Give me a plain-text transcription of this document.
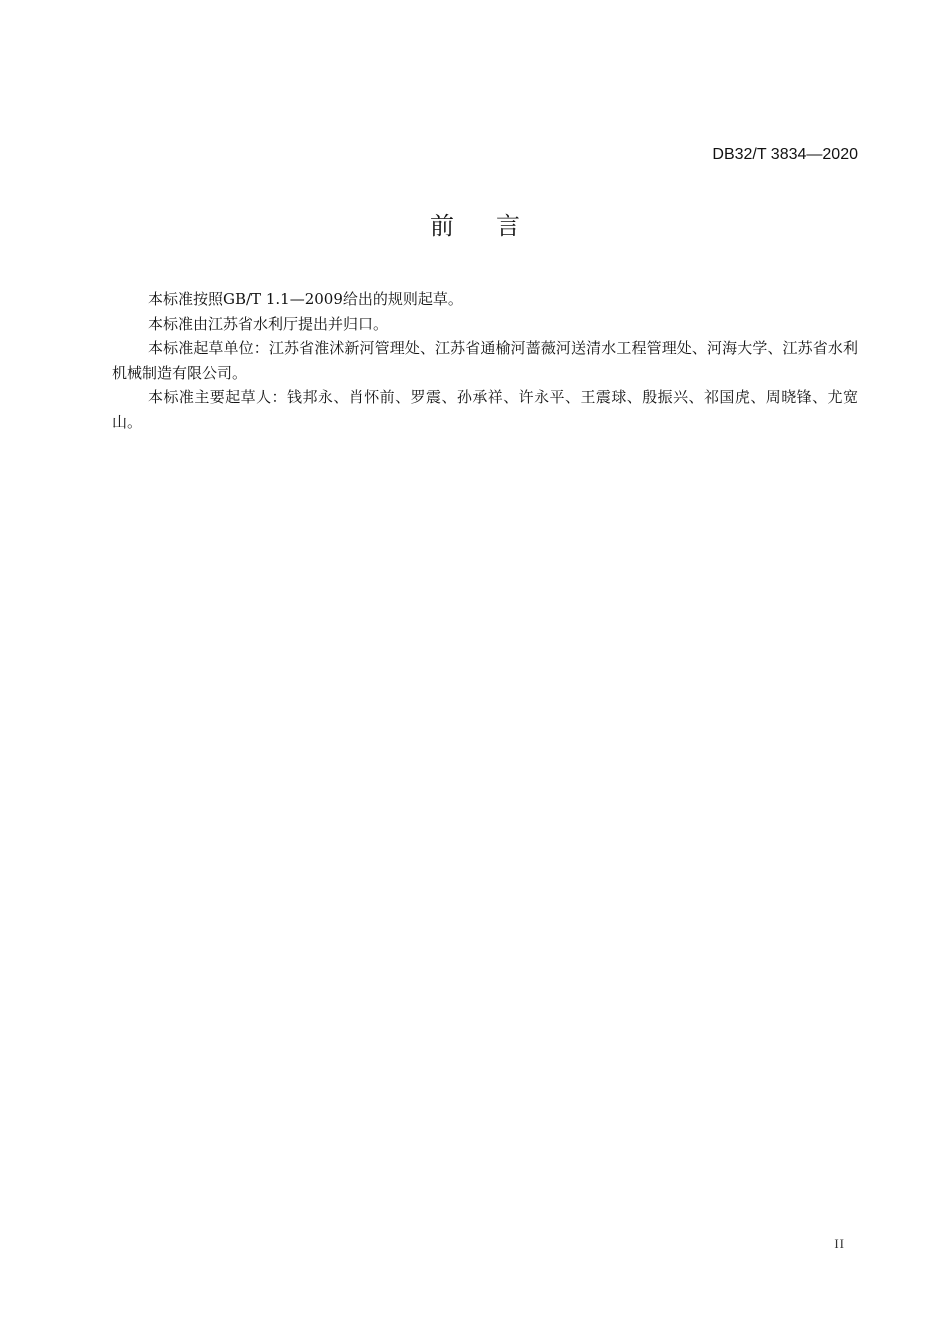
DB32/T 3834—2020
前 言

本标准按照GB/T 1.1—2009给出的规则起草。

本标准由江苏省水利厅提出并归口。

本标准起草单位：江苏省淮沭新河管理处、江苏省通榆河蔷薇河送清水工程管理处、河海大学、江苏省水利机械制造有限公司。

本标准主要起草人：钱邦永、肖怀前、罗震、孙承祥、许永平、王震球、殷振兴、祁国虎、周晓锋、尤宽山。

II
